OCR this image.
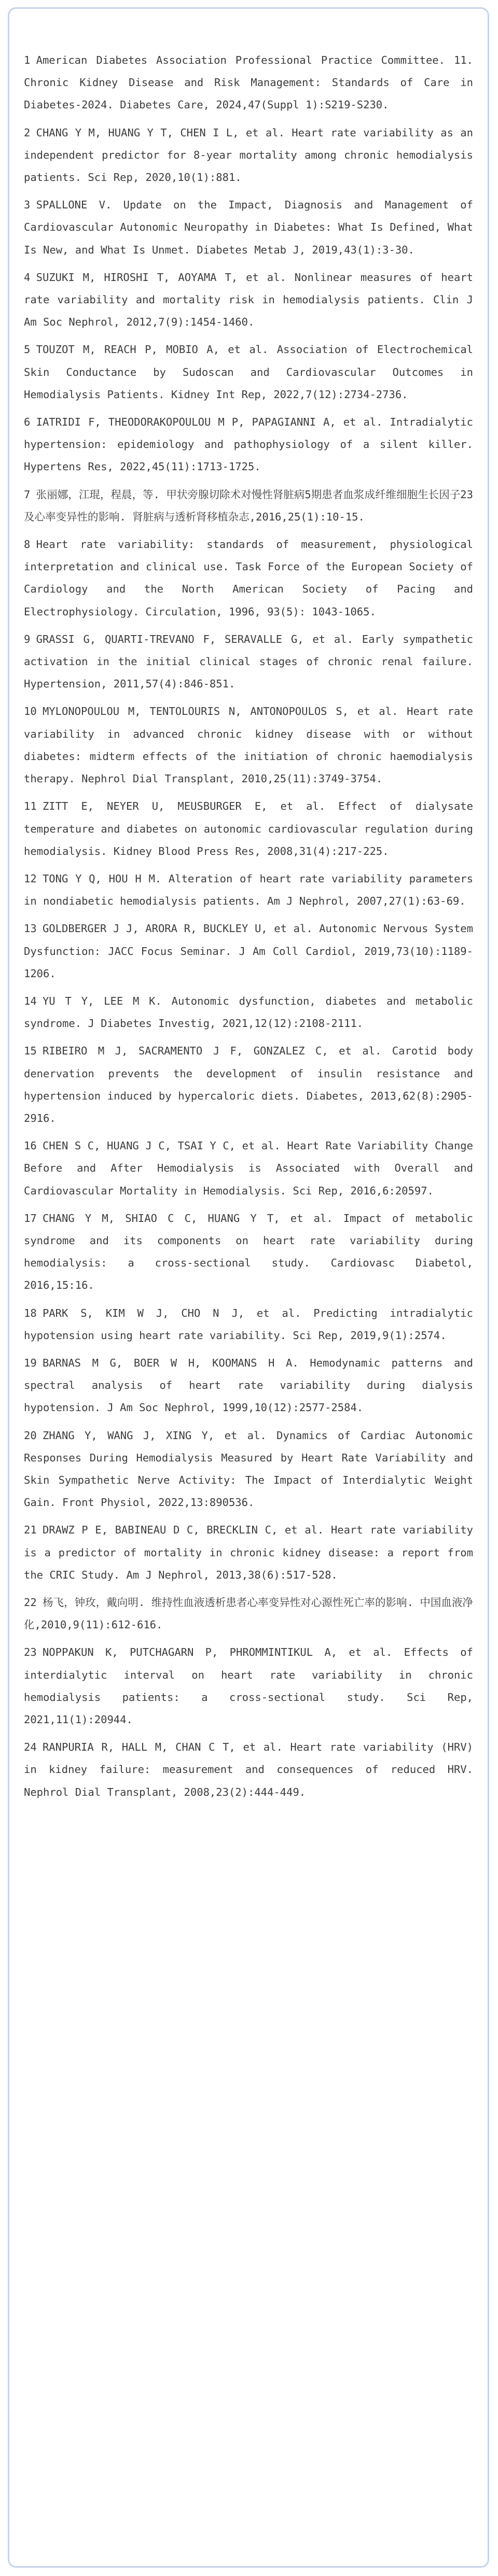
1 American Diabetes Association Professional Practice Committee. 11. Chronic Kidney Disease and Risk Management: Standards of Care in Diabetes-2024. Diabetes Care, 2024,47(Suppl 1):S219-S230.
2 CHANG Y M, HUANG Y T, CHEN I L, et al. Heart rate variability as an independent predictor for 8-year mortality among chronic hemodialysis patients. Sci Rep, 2020,10(1):881.
3 SPALLONE V. Update on the Impact, Diagnosis and Management of Cardiovascular Autonomic Neuropathy in Diabetes: What Is Defined, What Is New, and What Is Unmet. Diabetes Metab J, 2019,43(1):3-30.
4 SUZUKI M, HIROSHI T, AOYAMA T, et al. Nonlinear measures of heart rate variability and mortality risk in hemodialysis patients. Clin J Am Soc Nephrol, 2012,7(9):1454-1460.
5 TOUZOT M, REACH P, MOBIO A, et al. Association of Electrochemical Skin Conductance by Sudoscan and Cardiovascular Outcomes in Hemodialysis Patients. Kidney Int Rep, 2022,7(12):2734-2736.
6 IATRIDI F, THEODORAKOPOULOU M P, PAPAGIANNI A, et al. Intradialytic hypertension: epidemiology and pathophysiology of a silent killer. Hypertens Res, 2022,45(11):1713-1725.
7 张丽娜，江琨，程晨，等. 甲状旁腺切除术对慢性肾脏病5期患者血浆成纤维细胞生长因子23及心率变异性的影响. 肾脏病与透析肾移植杂志,2016,25(1):10-15.
8 Heart rate variability: standards of measurement, physiological interpretation and clinical use. Task Force of the European Society of Cardiology and the North American Society of Pacing and Electrophysiology. Circulation, 1996, 93(5): 1043-1065.
9 GRASSI G, QUARTI-TREVANO F, SERAVALLE G, et al. Early sympathetic activation in the initial clinical stages of chronic renal failure. Hypertension, 2011,57(4):846-851.
10 MYLONOPOULOU M, TENTOLOURIS N, ANTONOPOULOS S, et al. Heart rate variability in advanced chronic kidney disease with or without diabetes: midterm effects of the initiation of chronic haemodialysis therapy. Nephrol Dial Transplant, 2010,25(11):3749-3754.
11 ZITT E, NEYER U, MEUSBURGER E, et al. Effect of dialysate temperature and diabetes on autonomic cardiovascular regulation during hemodialysis. Kidney Blood Press Res, 2008,31(4):217-225.
12 TONG Y Q, HOU H M. Alteration of heart rate variability parameters in nondiabetic hemodialysis patients. Am J Nephrol, 2007,27(1):63-69.
13 GOLDBERGER J J, ARORA R, BUCKLEY U, et al. Autonomic Nervous System Dysfunction: JACC Focus Seminar. J Am Coll Cardiol, 2019,73(10):1189-1206.
14 YU T Y, LEE M K. Autonomic dysfunction, diabetes and metabolic syndrome. J Diabetes Investig, 2021,12(12):2108-2111.
15 RIBEIRO M J, SACRAMENTO J F, GONZALEZ C, et al. Carotid body denervation prevents the development of insulin resistance and hypertension induced by hypercaloric diets. Diabetes, 2013,62(8):2905-2916.
16 CHEN S C, HUANG J C, TSAI Y C, et al. Heart Rate Variability Change Before and After Hemodialysis is Associated with Overall and Cardiovascular Mortality in Hemodialysis. Sci Rep, 2016,6:20597.
17 CHANG Y M, SHIAO C C, HUANG Y T, et al. Impact of metabolic syndrome and its components on heart rate variability during hemodialysis: a cross-sectional study. Cardiovasc Diabetol, 2016,15:16.
18 PARK S, KIM W J, CHO N J, et al. Predicting intradialytic hypotension using heart rate variability. Sci Rep, 2019,9(1):2574.
19 BARNAS M G, BOER W H, KOOMANS H A. Hemodynamic patterns and spectral analysis of heart rate variability during dialysis hypotension. J Am Soc Nephrol, 1999,10(12):2577-2584.
20 ZHANG Y, WANG J, XING Y, et al. Dynamics of Cardiac Autonomic Responses During Hemodialysis Measured by Heart Rate Variability and Skin Sympathetic Nerve Activity: The Impact of Interdialytic Weight Gain. Front Physiol, 2022,13:890536.
21 DRAWZ P E, BABINEAU D C, BRECKLIN C, et al. Heart rate variability is a predictor of mortality in chronic kidney disease: a report from the CRIC Study. Am J Nephrol, 2013,38(6):517-528.
22 杨飞，钟玫，戴向明. 维持性血液透析患者心率变异性对心源性死亡率的影响. 中国血液净化,2010,9(11):612-616.
23 NOPPAKUN K, PUTCHAGARN P, PHROMMINTIKUL A, et al. Effects of interdialytic interval on heart rate variability in chronic hemodialysis patients: a cross-sectional study. Sci Rep, 2021,11(1):20944.
24 RANPURIA R, HALL M, CHAN C T, et al. Heart rate variability (HRV) in kidney failure: measurement and consequences of reduced HRV. Nephrol Dial Transplant, 2008,23(2):444-449.
